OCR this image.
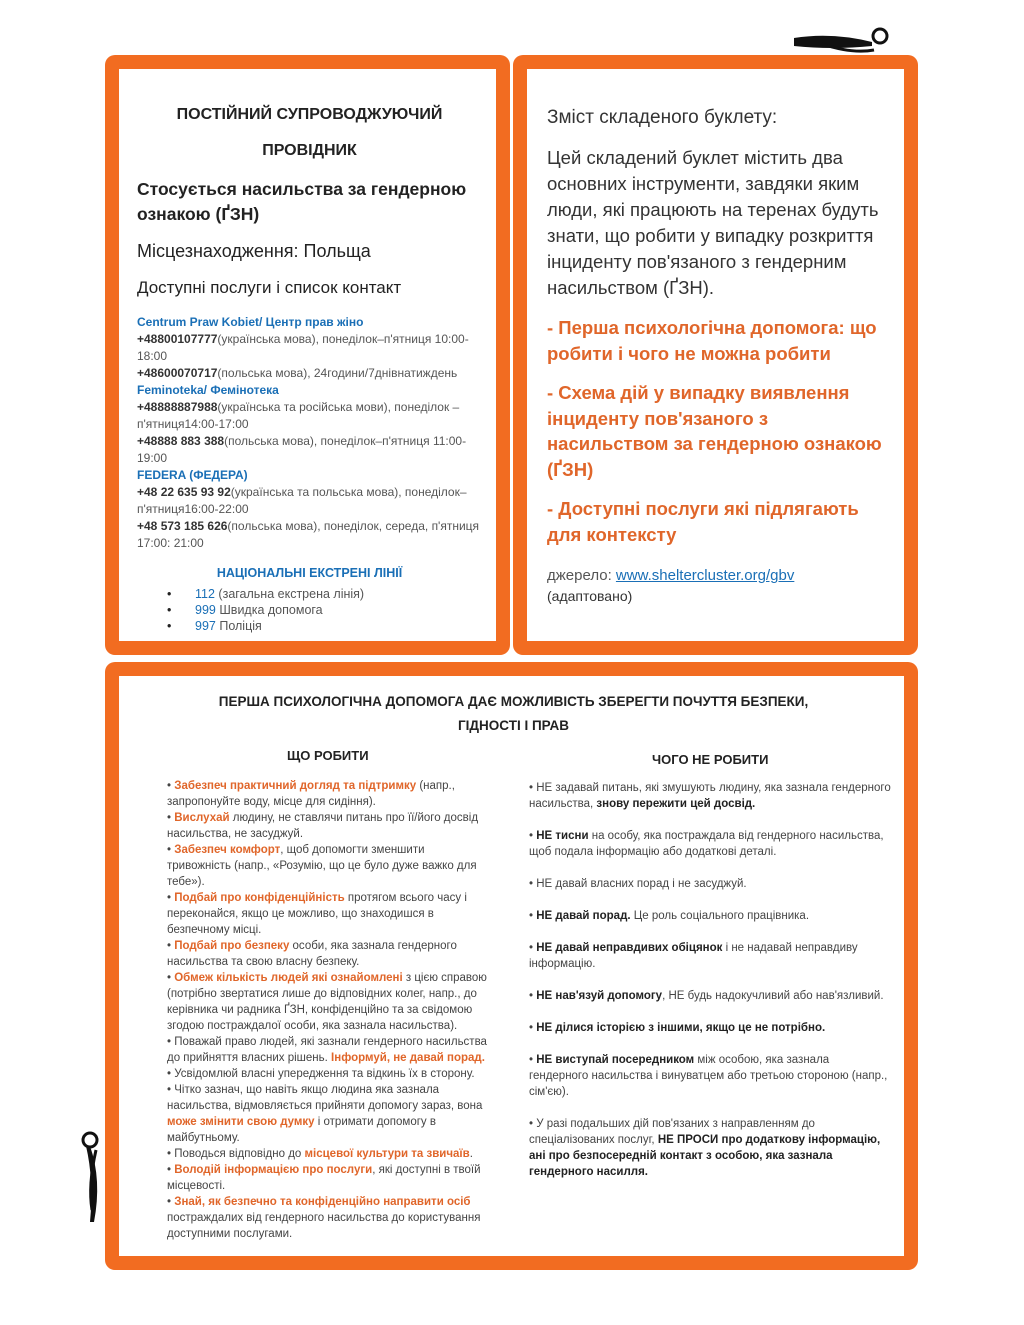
ПОСТІЙНИЙ СУПРОВОДЖУЮЧИЙ
ПРОВІДНИК
Стосується насильства за гендерною ознакою (ҐЗН)
Місцезнаходження: Польща
Доступні послуги і список контакт
Centrum Praw Kobiet/ Центр прав жіно
+48800107777(українська мова), понеділок–п'ятниця 10:00-18:00
+48600070717(польська мова), 24години/7днівнатиждень
Feminoteka/ Фемінотека
+48888887988(українська та російська мови), понеділок – п'ятниця14:00-17:00
+48888 883 388(польська мова), понеділок–п'ятниця 11:00-19:00
FEDERA (ФЕДЕРА)
+48 22 635 93 92(українська та польська мова), понеділок–п'ятниця16:00-22:00
+48 573 185 626(польська мова), понеділок, середа, п'ятниця 17:00: 21:00
НАЦІОНАЛЬНІ ЕКСТРЕНІ ЛІНІЇ
• 112 (загальна екстрена лінія)
• 999 Швидка допомога
• 997 Поліція
Зміст складеного буклету:
Цей складений буклет містить два основних інструменти, завдяки яким люди, які працюють на теренах будуть знати, що робити у випадку розкриття інциденту пов'язаного з гендерним насильством (ҐЗН).
- Перша психологічна допомога: що робити і чого не можна робити
- Схема дій у випадку виявлення інциденту пов'язаного з насильством за гендерною ознакою (ҐЗН)
- Доступні послуги які підлягають для контексту
джерело: www.sheltercluster.org/gbv
(адаптовано)
ПЕРША ПСИХОЛОГІЧНА ДОПОМОГА ДАЄ МОЖЛИВІСТЬ ЗБЕРЕГТИ ПОЧУТТЯ БЕЗПЕКИ,
ГІДНОСТІ І ПРАВ
ЩО РОБИТИ	ЧОГО НЕ РОБИТИ

• Забезпеч практичний догляд та підтримку (напр., запропонуйте воду, місце для сидіння).

• Вислухай людину, не ставлячи питань про її/його досвід насильства, не засуджуй.

• Забезпеч комфорт, щоб допомогти зменшити тривожність (напр., «Розумію, що це було дуже важко для тебе»).

• Подбай про конфіденційність протягом всього часу і переконайся, якщо це можливо, що знаходишся в безпечному місці.

• Подбай про безпеку особи, яка зазнала гендерного насильства та свою власну безпеку.

• Обмеж кількість людей які ознайомлені з цією справою (потрібно звертатися лише до відповідних колег, напр., до керівника чи радника ҐЗН, конфіденційно та за свідомою згодою постраждалої особи, яка зазнала насильства).

• Поважай право людей, які зазнали гендерного насильства до прийняття власних рішень. Інформуй, не давай порад.

• Усвідомлюй власні упередження та відкинь їх в сторону.

• Чітко зазнач, що навіть якщо людина яка зазнала насильства, відмовляється прийняти допомогу зараз, вона може змінити свою думку і отримати допомогу в майбутньому.

• Поводься відповідно до місцевої культури та звичаїв.

• Володій інформацією про послуги, які доступні в твоїй місцевості.

• Знай, як безпечно та конфіденційно направити осіб постраждалих від гендерного насильства до користування доступними послугами.

• НЕ задавай питань, які змушують людину, яка зазнала гендерного насильства, знову пережити цей досвід.

• НЕ тисни на особу, яка постраждала від гендерного насильства, щоб подала інформацію або додаткові деталі.

• НЕ давай власних порад і не засуджуй.

• НЕ давай порад. Це роль соціального працівника.

• НЕ давай неправдивих обіцянок і не надавай неправдиву інформацію.

• НЕ нав'язуй допомогу, НЕ будь надокучливий або нав'язливий.

• НЕ ділися історією з іншими, якщо це не потрібно.

• НЕ виступай посередником між особою, яка зазнала гендерного насильства і винуватцем або третьою стороною (напр., сім'єю).

• У разі подальших дій пов'язаних з направленням до спеціалізованих послуг, НЕ ПРОСИ про додаткову інформацію, ані про безпосередній контакт з особою, яка зазнала гендерного насилля.
